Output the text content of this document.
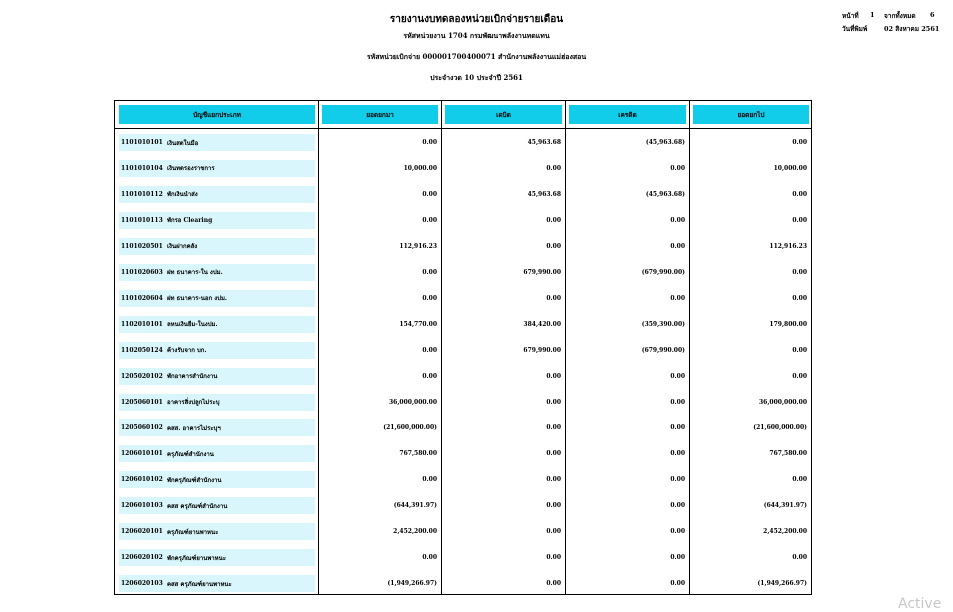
รายงานงบทดลองหน่วยเบิกจ่ายรายเดือน
รหัสหน่วยงาน 1704 กรมพัฒนาพลังงานทดแทน
รหัสหน่วยเบิกจ่าย 000001700400071 สำนักงานพลังงานแม่ฮ่องสอน
ประจำงวด 10 ประจำปี 2561
หน้าที่ 1 จากทั้งหมด 6
วันที่พิมพ์	02 สิงหาคม 2561
บัญชีแยกประเภท	ยอดยกมา	เดบิต	เครดิต	ยอดยกไป
1101010101 เงินสดในมือ	0.00	45,963.68	(45,963.68)	0.00
1101010104 เงินทดรองราชการ	10,000.00	0.00	0.00	10,000.00
1101010112 พักเงินนำส่ง	0.00	45,963.68	(45,963.68)	0.00
1101010113 พักรอ Clearing	0.00	0.00	0.00	0.00
1101020501 เงินฝากคลัง	112,916.23	0.00	0.00	112,916.23
1101020603 ฝท ธนาคาร-ใน งปม.	0.00	679,990.00	(679,990.00)	0.00
1101020604 ฝท ธนาคาร-นอก งปม.	0.00	0.00	0.00	0.00
1102010101 ลหนเงินยืม-ในงปม.	154,770.00	384,420.00	(359,390.00)	179,800.00
1102050124 ค้างรับจาก บก.	0.00	679,990.00	(679,990.00)	0.00
1205020102 พักอาคารสำนักงาน	0.00	0.00	0.00	0.00
1205060101 อาคารสิ่งปลูกไม่ระบุ	36,000,000.00	0.00	0.00	36,000,000.00
1205060102 คสส. อาคารไม่ระบุฯ	(21,600,000.00)	0.00	0.00	(21,600,000.00)
1206010101 ครุภัณฑ์สำนักงาน	767,580.00	0.00	0.00	767,580.00
1206010102 พักครุภัณฑ์สำนักงาน	0.00	0.00	0.00	0.00
1206010103 คสส ครุภัณฑ์สำนักงาน	(644,391.97)	0.00	0.00	(644,391.97)
1206020101 ครุภัณฑ์ยานพาหนะ	2,452,200.00	0.00	0.00	2,452,200.00
1206020102 พักครุภัณฑ์ยานพาหนะ	0.00	0.00	0.00	0.00
1206020103 คสส ครุภัณฑ์ยานพาหนะ	(1,949,266.97)	0.00	0.00	(1,949,266.97)
Active
